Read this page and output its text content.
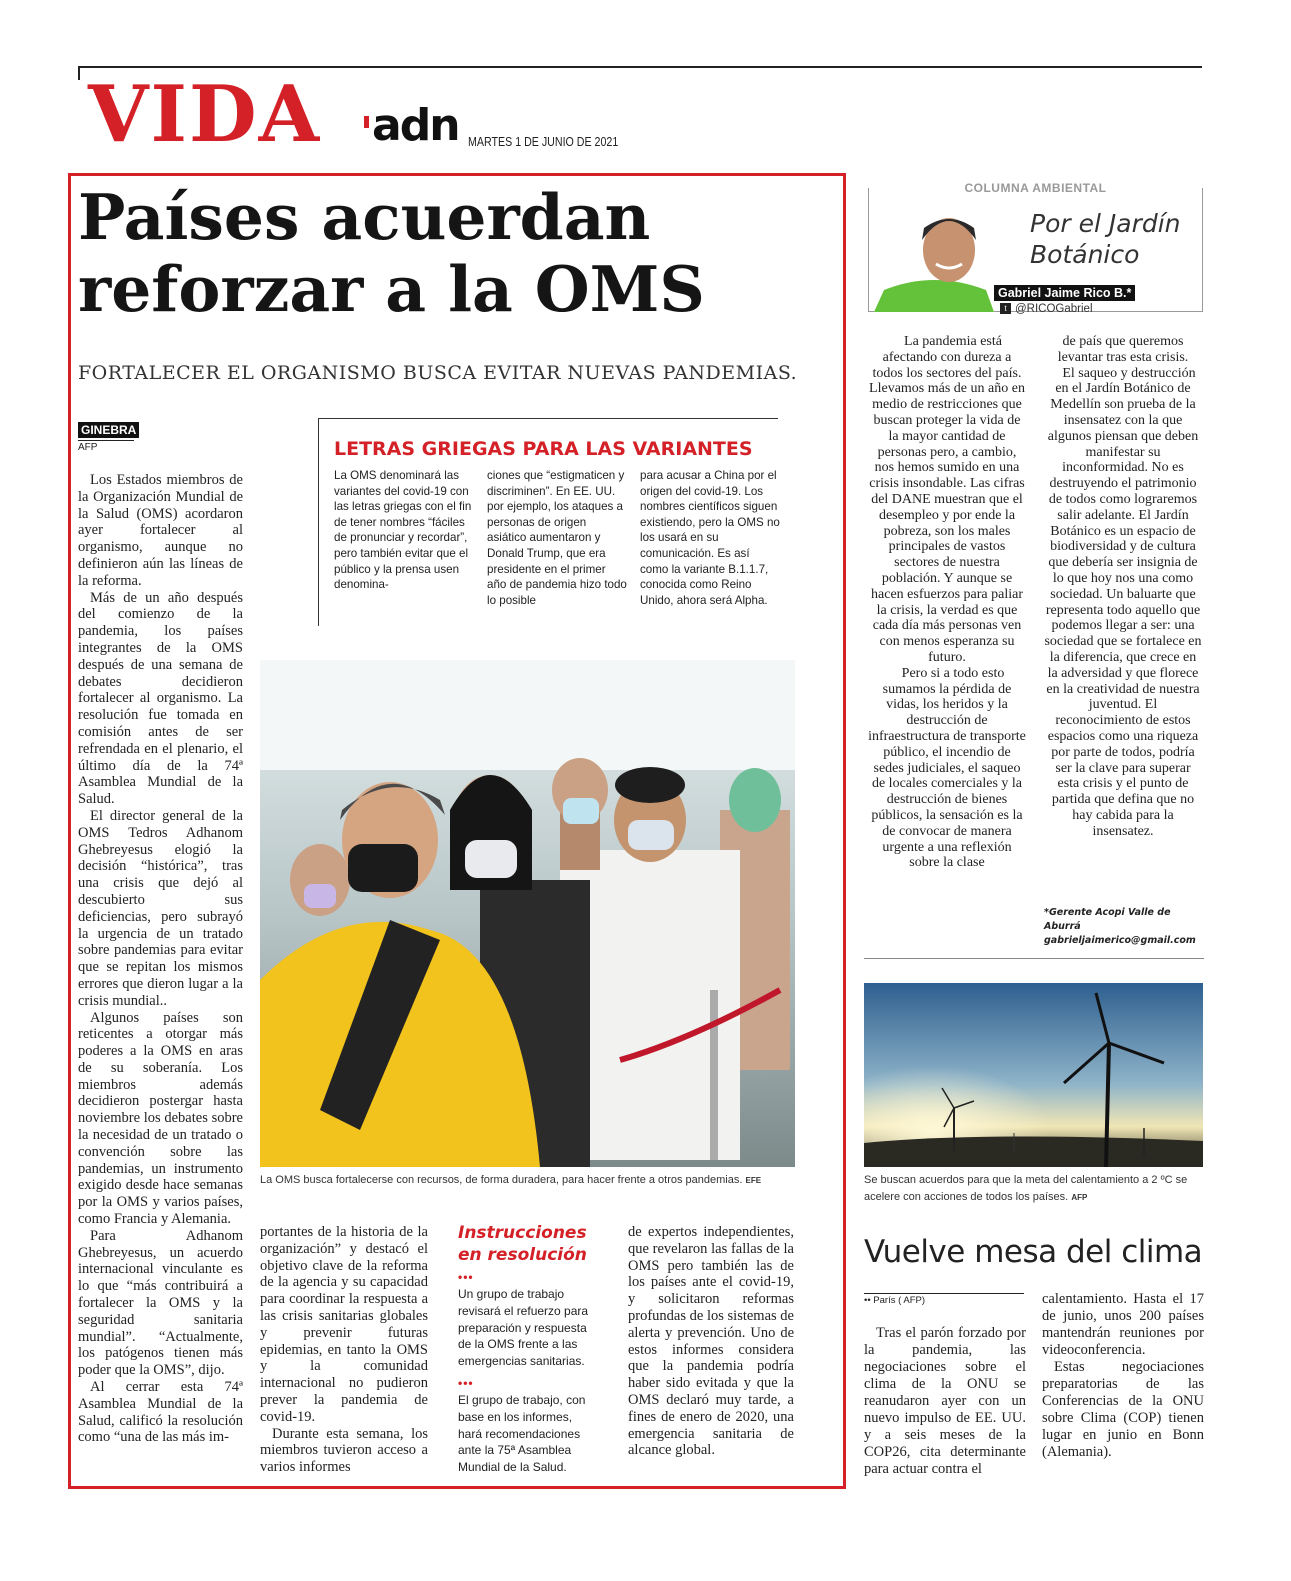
VIDA adn MARTES 1 DE JUNIO DE 2021
Países acuerdan reforzar a la OMS
FORTALECER EL ORGANISMO BUSCA EVITAR NUEVAS PANDEMIAS.
GINEBRA
AFP

Los Estados miembros de la Organización Mundial de la Salud (OMS) acordaron ayer fortalecer al organismo, aunque no definieron aún las líneas de la reforma.

Más de un año después del comienzo de la pandemia, los países integrantes de la OMS después de una semana de debates decidieron fortalecer al organismo. La resolución fue tomada en comisión antes de ser refrendada en el plenario, el último día de la 74ª Asamblea Mundial de la Salud.

El director general de la OMS Tedros Adhanom Ghebreyesus elogió la decisión “histórica”, tras una crisis que dejó al descubierto sus deficiencias, pero subrayó la urgencia de un tratado sobre pandemias para evitar que se repitan los mismos errores que dieron lugar a la crisis mundial..

Algunos países son reticentes a otorgar más poderes a la OMS en aras de su soberanía. Los miembros además decidieron postergar hasta noviembre los debates sobre la necesidad de un tratado o convención sobre las pandemias, un instrumento exigido desde hace semanas por la OMS y varios países, como Francia y Alemania.

Para Adhanom Ghebreyesus, un acuerdo internacional vinculante es lo que “más contribuirá a fortalecer la OMS y la seguridad sanitaria mundial”. “Actualmente, los patógenos tienen más poder que la OMS”, dijo.

Al cerrar esta 74ª Asamblea Mundial de la Salud, calificó la resolución como “una de las más im-

LETRAS GRIEGAS PARA LAS VARIANTES
La OMS denominará las variantes del covid-19 con las letras griegas con el fin de tener nombres “fáciles de pronunciar y recordar”, pero también evitar que el público y la prensa usen denomina-
ciones que “estigmaticen y discriminen”. En EE. UU. por ejemplo, los ataques a personas de origen asiático aumentaron y Donald Trump, que era presidente en el primer año de pandemia hizo todo lo posible
para acusar a China por el origen del covid-19. Los nombres científicos siguen existiendo, pero la OMS no los usará en su comunicación. Es así como la variante B.1.1.7, conocida como Reino Unido, ahora será Alpha.
La OMS busca fortalecerse con recursos, de forma duradera, para hacer frente a otros pandemias. EFE

portantes de la historia de la organización” y destacó el objetivo clave de la reforma de la agencia y su capacidad para coordinar la respuesta a las crisis sanitarias globales y prevenir futuras epidemias, en tanto la OMS y la comunidad internacional no pudieron prever la pandemia de covid-19.

Durante esta semana, los miembros tuvieron acceso a varios informes

Instrucciones en resolución
•••
Un grupo de trabajo revisará el refuerzo para preparación y respuesta de la OMS frente a las emergencias sanitarias.
•••
El grupo de trabajo, con base en los informes, hará recomendaciones ante la 75ª Asamblea Mundial de la Salud.

de expertos independientes, que revelaron las fallas de la OMS pero también las de los países ante el covid-19, y solicitaron reformas profundas de los sistemas de alerta y prevención. Uno de estos informes considera que la pandemia podría haber sido evitada y que la OMS declaró muy tarde, a fines de enero de 2020, una emergencia sanitaria de alcance global.

COLUMNA AMBIENTAL
Por el Jardín Botánico
Gabriel Jaime Rico B.*
t @RICOGabriel

La pandemia está afectando con dureza a todos los sectores del país. Llevamos más de un año en medio de restricciones que buscan proteger la vida de la mayor cantidad de personas pero, a cambio, nos hemos sumido en una crisis insondable. Las cifras del DANE muestran que el desempleo y por ende la pobreza, son los males principales de vastos sectores de nuestra población. Y aunque se hacen esfuerzos para paliar la crisis, la verdad es que cada día más personas ven con menos esperanza su futuro.

Pero si a todo esto sumamos la pérdida de vidas, los heridos y la destrucción de infraestructura de transporte público, el incendio de sedes judiciales, el saqueo de locales comerciales y la destrucción de bienes públicos, la sensación es la de convocar de manera urgente a una reflexión sobre la clase

de país que queremos levantar tras esta crisis.

El saqueo y destrucción en el Jardín Botánico de Medellín son prueba de la insensatez con la que algunos piensan que deben manifestar su inconformidad. No es destruyendo el patrimonio de todos como lograremos salir adelante. El Jardín Botánico es un espacio de biodiversidad y de cultura que debería ser insignia de lo que hoy nos una como sociedad. Un baluarte que representa todo aquello que podemos llegar a ser: una sociedad que se fortalece en la diferencia, que crece en la adversidad y que florece en la creatividad de nuestra juventud. El reconocimiento de estos espacios como una riqueza por parte de todos, podría ser la clave para superar esta crisis y el punto de partida que defina que no hay cabida para la insensatez.

*Gerente Acopi Valle de Aburrá
gabrieljaimerico@gmail.com
Se buscan acuerdos para que la meta del calentamiento a 2 ºC se acelere con acciones de todos los países. AFP
Vuelve mesa del clima
•• París ( AFP)

Tras el parón forzado por la pandemia, las negociaciones sobre el clima de la ONU se reanudaron ayer con un nuevo impulso de EE. UU. y a seis meses de la COP26, cita determinante para actuar contra el

calentamiento. Hasta el 17 de junio, unos 200 países mantendrán reuniones por videoconferencia.

Estas negociaciones preparatorias de las Conferencias de la ONU sobre Clima (COP) tienen lugar en junio en Bonn (Alemania).
